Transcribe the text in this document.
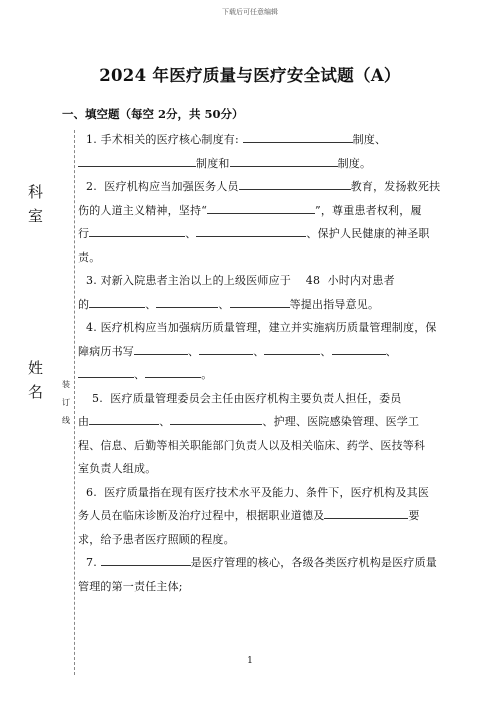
下载后可任意编辑
2024 年医疗质量与医疗安全试题（A）
一、填空题（每空 2分，共 50分）
科
室
姓
名 装
订
线
1. 手术相关的医疗核心制度有:	制度、
制度和	制度。
2.  医疗机构应当加强医务人员	教育，发扬救死扶
伤的人道主义精神，坚持“	”，尊重患者权利，履
行	、	、保护人民健康的神圣职
责。
3. 对新入院患者主治以上的上级医师应于    48  小时内对患者
的	、	、	等提出指导意见。
4. 医疗机构应当加强病历质量管理，建立并实施病历质量管理制度，保
障病历书写	、	、	、	、
、	。
5.  医疗质量管理委员会主任由医疗机构主要负责人担任，委员
由	、	、护理、医院感染管理、医学工
程、信息、后勤等相关职能部门负责人以及相关临床、药学、医技等科
室负责人组成。
6.  医疗质量指在现有医疗技术水平及能力、条件下，医疗机构及其医
务人员在临床诊断及治疗过程中，根据职业道德及	要
求，给予患者医疗照顾的程度。
7.	是医疗管理的核心，各级各类医疗机构是医疗质量
管理的第一责任主体;
1
